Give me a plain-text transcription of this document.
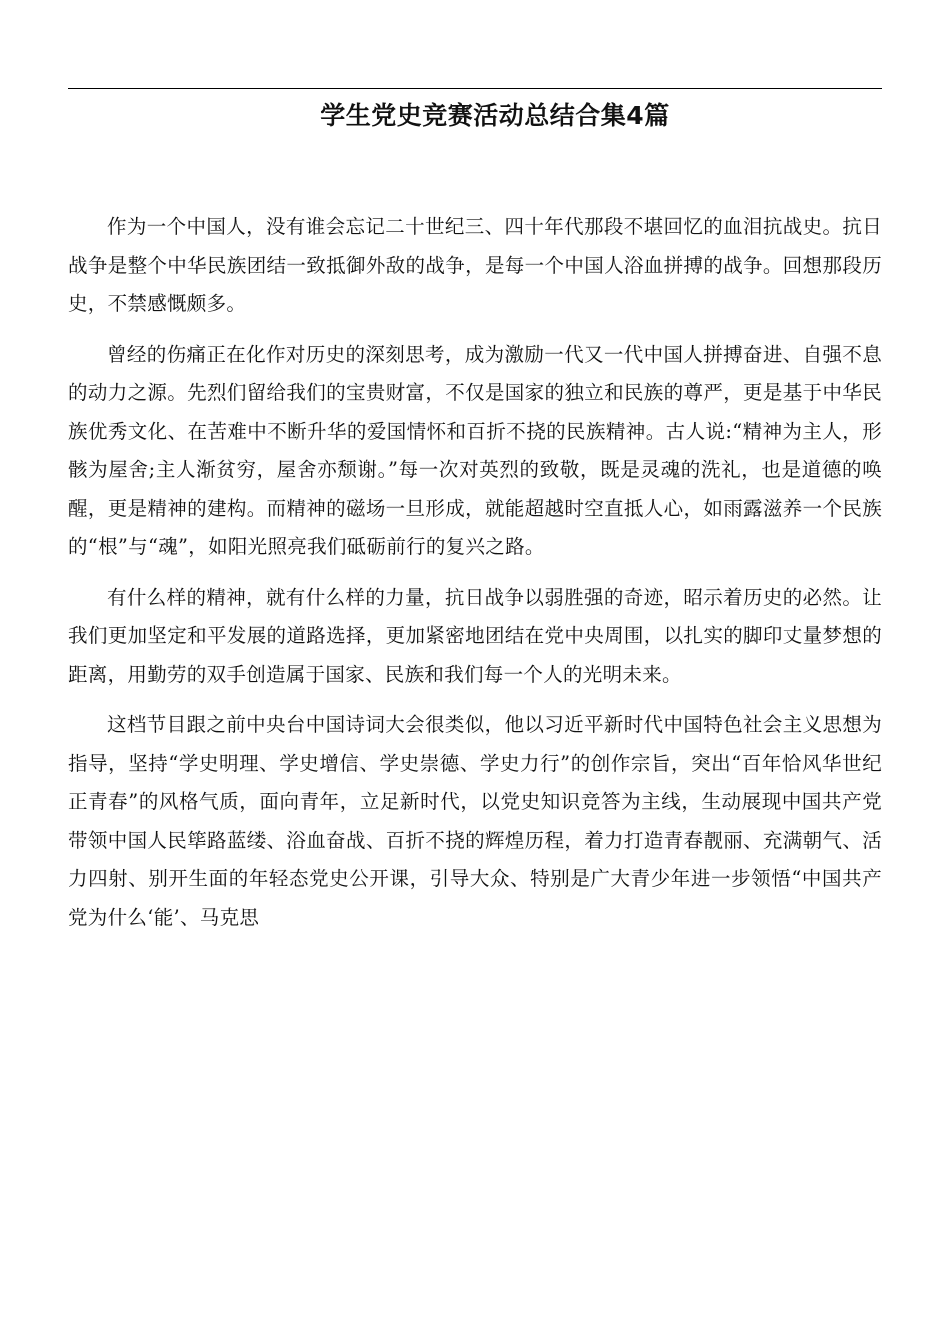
学生党史竞赛活动总结合集4篇

作为一个中国人，没有谁会忘记二十世纪三、四十年代那段不堪回忆的血泪抗战史。抗日战争是整个中华民族团结一致抵御外敌的战争，是每一个中国人浴血拼搏的战争。回想那段历史，不禁感慨颇多。

曾经的伤痛正在化作对历史的深刻思考，成为激励一代又一代中国人拼搏奋进、自强不息的动力之源。先烈们留给我们的宝贵财富，不仅是国家的独立和民族的尊严，更是基于中华民族优秀文化、在苦难中不断升华的爱国情怀和百折不挠的民族精神。古人说:“精神为主人，形骸为屋舍;主人渐贫穷，屋舍亦颓谢。”每一次对英烈的致敬，既是灵魂的洗礼，也是道德的唤醒，更是精神的建构。而精神的磁场一旦形成，就能超越时空直抵人心，如雨露滋养一个民族的“根”与“魂”，如阳光照亮我们砥砺前行的复兴之路。

有什么样的精神，就有什么样的力量，抗日战争以弱胜强的奇迹，昭示着历史的必然。让我们更加坚定和平发展的道路选择，更加紧密地团结在党中央周围，以扎实的脚印丈量梦想的距离，用勤劳的双手创造属于国家、民族和我们每一个人的光明未来。

这档节目跟之前中央台中国诗词大会很类似，他以习近平新时代中国特色社会主义思想为指导，坚持“学史明理、学史增信、学史崇德、学史力行”的创作宗旨，突出“百年恰风华世纪正青春”的风格气质，面向青年，立足新时代，以党史知识竞答为主线，生动展现中国共产党带领中国人民筚路蓝缕、浴血奋战、百折不挠的辉煌历程，着力打造青春靓丽、充满朝气、活力四射、别开生面的年轻态党史公开课，引导大众、特别是广大青少年进一步领悟“中国共产党为什么‘能’、马克思
